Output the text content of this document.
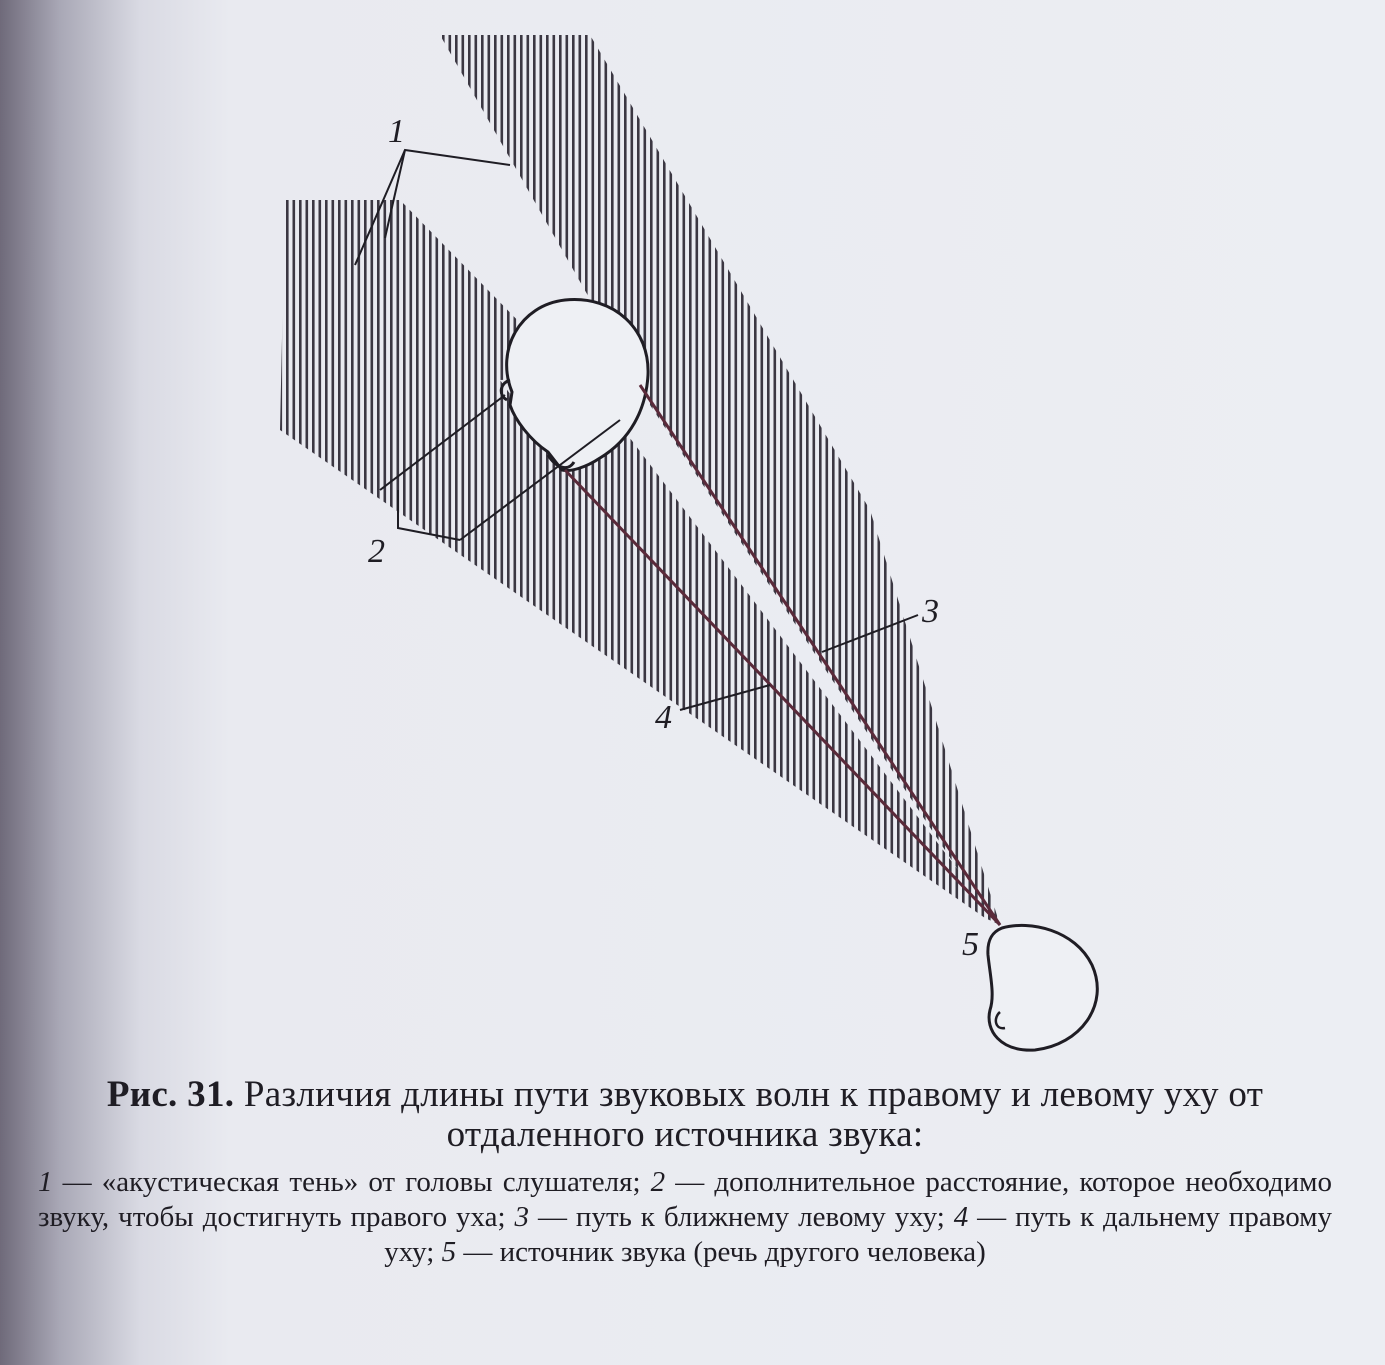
1
2
3
4
5
Рис. 31. Различия длины пути звуковых волн к правому и левому уху от отдаленного источника звука:
1 — «акустическая тень» от головы слушателя; 2 — дополнительное расстояние, которое необходимо звуку, чтобы достигнуть правого уха; 3 — путь к ближнему левому уху; 4 — путь к дальнему правому уху; 5 — источник звука (речь другого человека)
